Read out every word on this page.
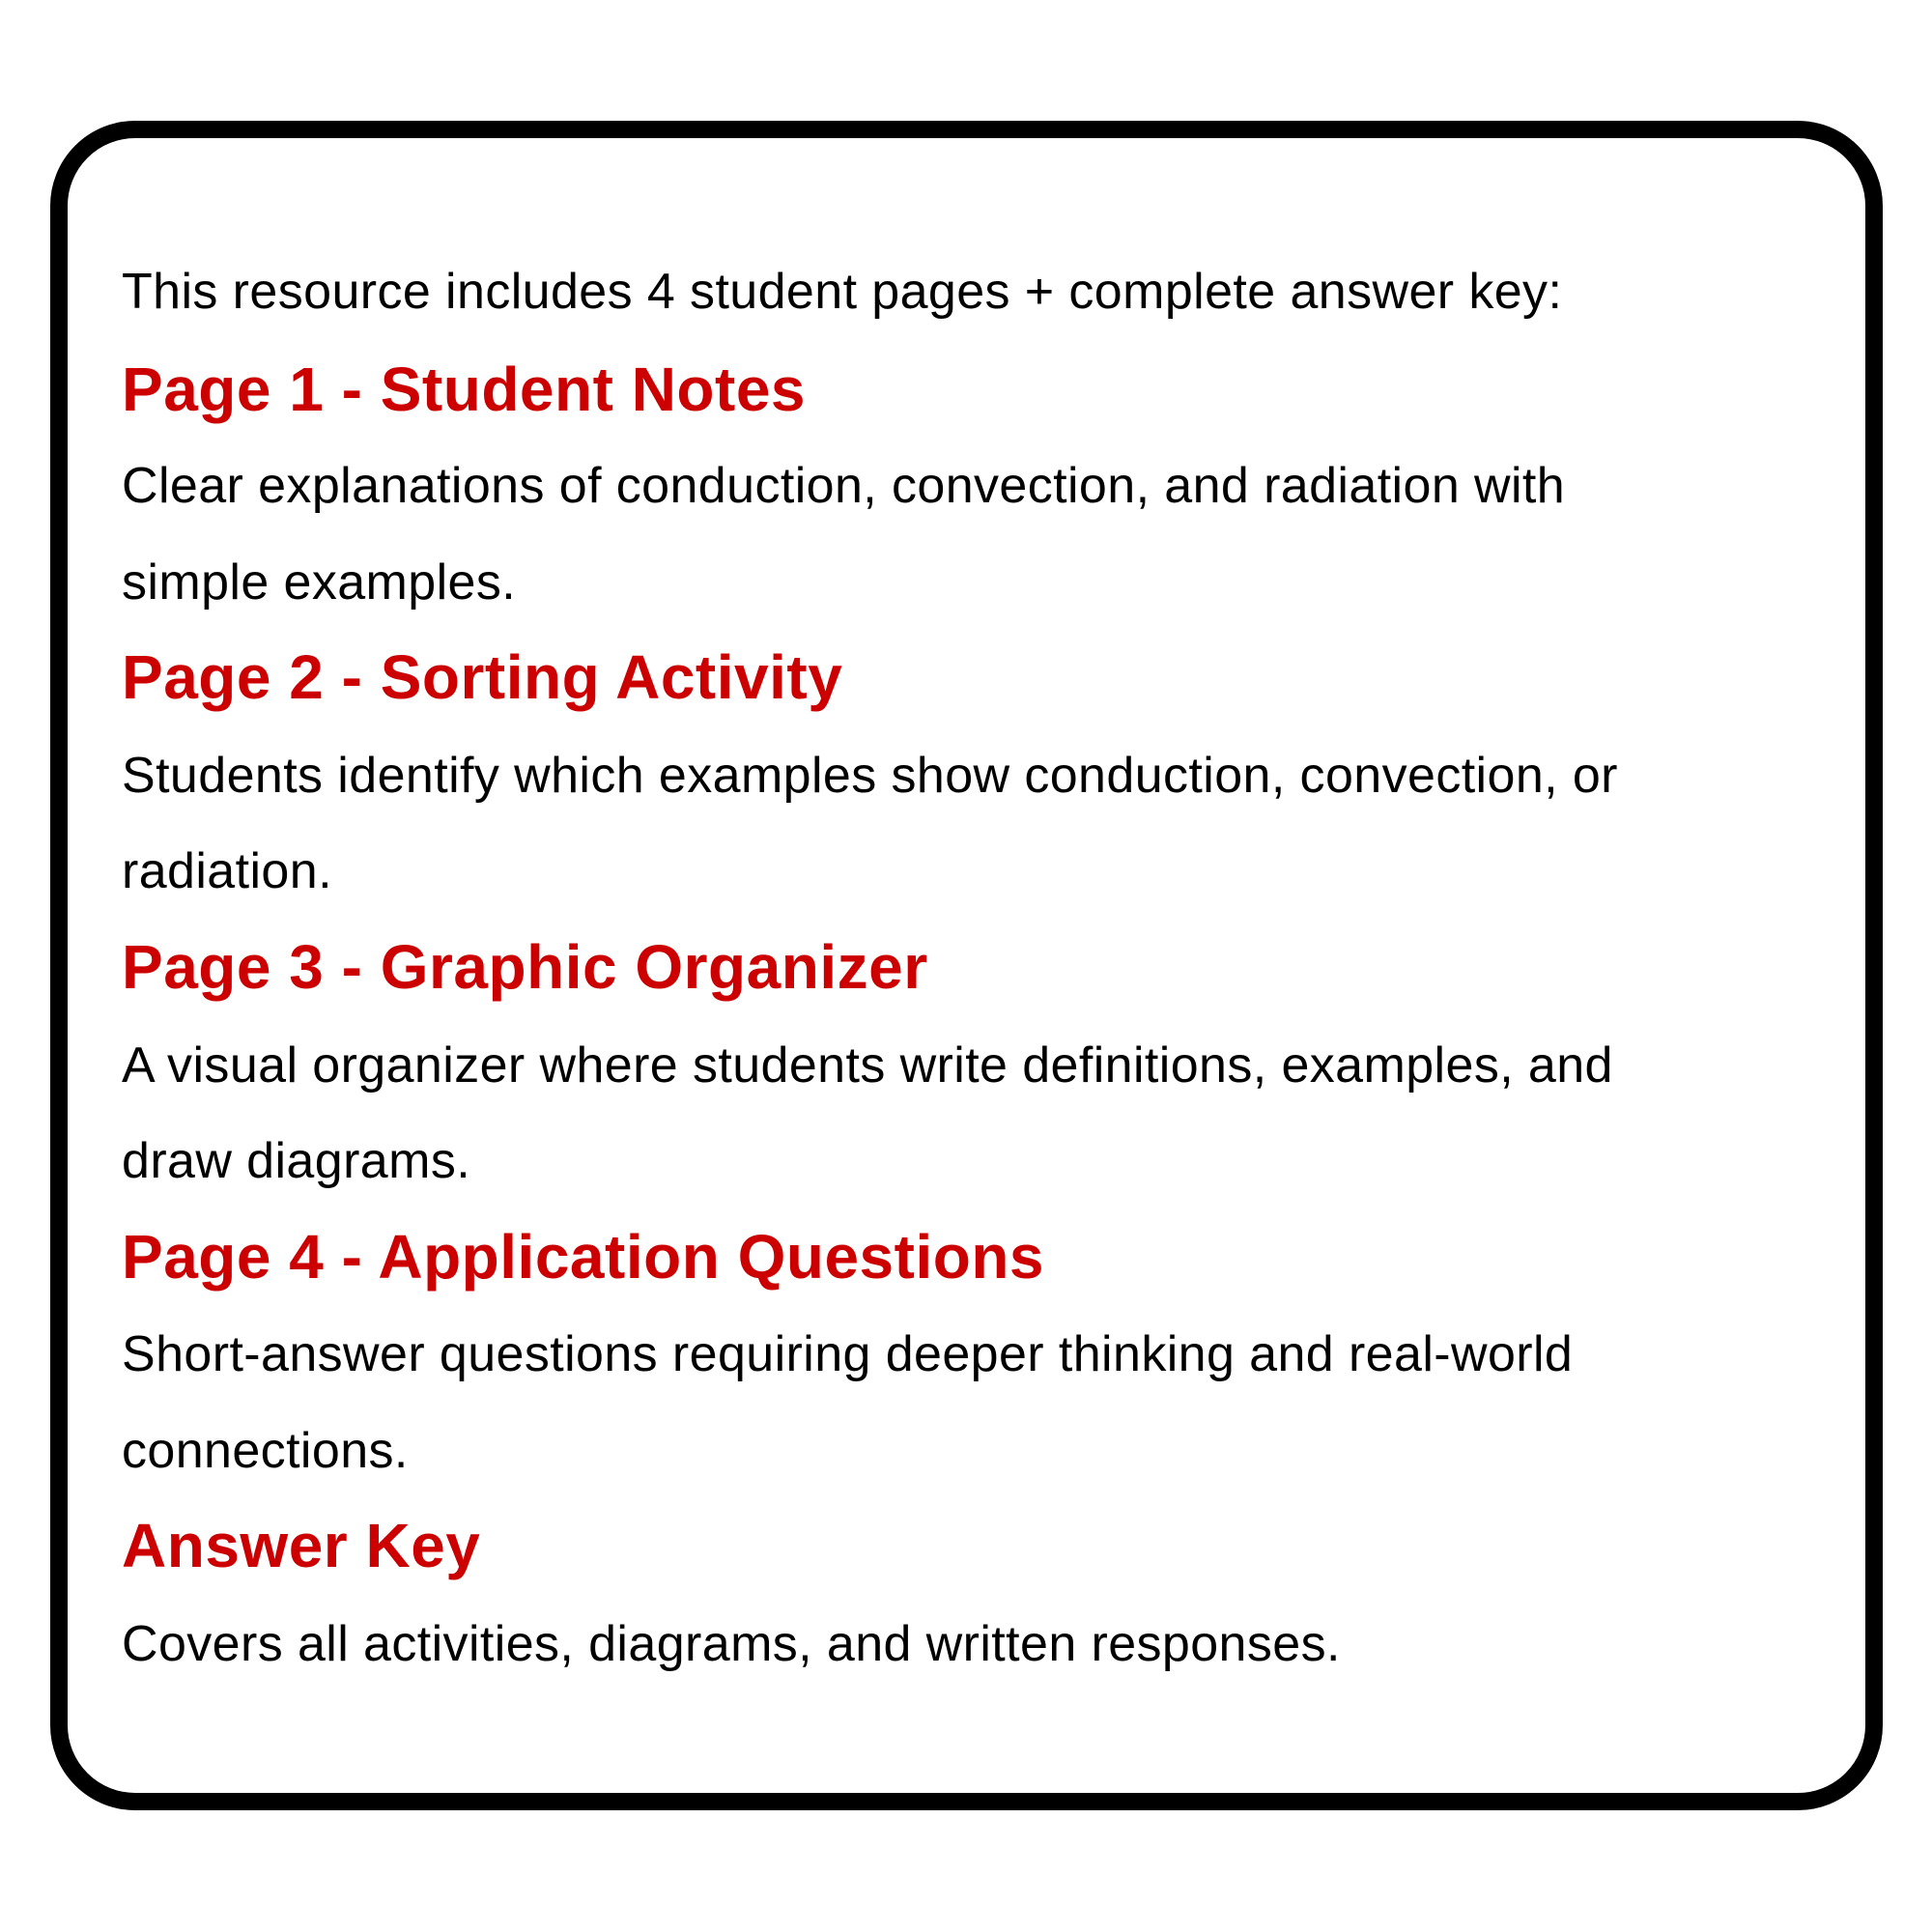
This resource includes 4 student pages + complete answer key:

Page 1 - Student Notes

Clear explanations of conduction, convection, and radiation with

simple examples.

Page 2 - Sorting Activity

Students identify which examples show conduction, convection, or

radiation.

Page 3 - Graphic Organizer

A visual organizer where students write definitions, examples, and

draw diagrams.

Page 4 - Application Questions

Short-answer questions requiring deeper thinking and real-world

connections.

Answer Key

Covers all activities, diagrams, and written responses.
